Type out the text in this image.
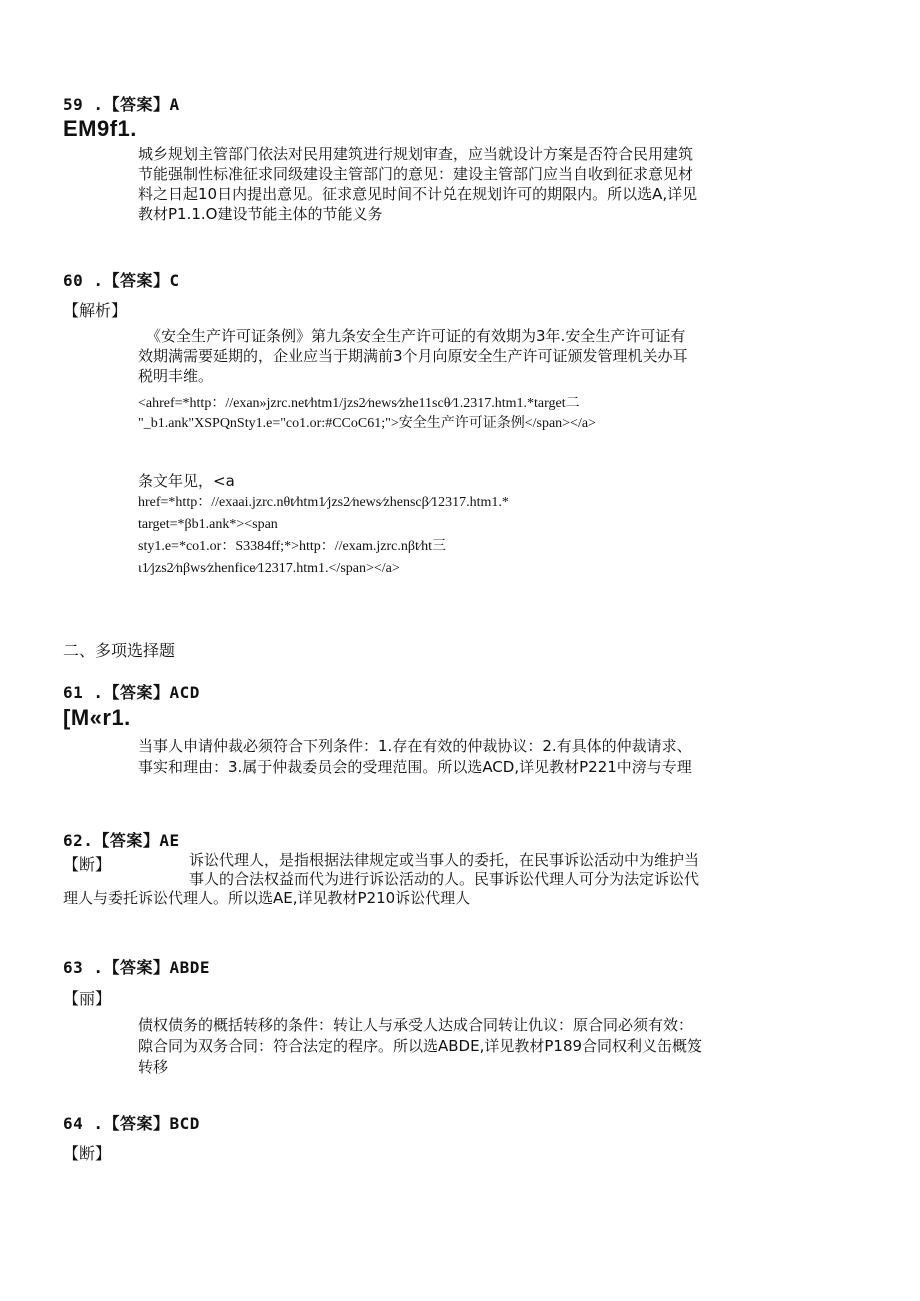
59 .【答案】A
EM9f1.
城乡规划主管部门依法对民用建筑进行规划审查，应当就设计方案是否符合民用建筑
节能强制性标准征求同级建设主管部门的意见：建设主管部门应当自收到征求意见材
料之日起10日内提出意见。征求意见时间不计兑在规划许可的期限内。所以选A,详见
教材P1.1.O建设节能主体的节能义务
60 .【答案】C
【解析】
《安全生产许可证条例》第九条安全生产许可证的有效期为3年.安全生产许可证有
效期满需要延期的，企业应当于期满前3个月向原安全生产许可证颁发管理机关办耳
税明丰维。
<ahref=*http：//exan»jzrc.net⁄htm1/jzs2⁄news⁄zhe11scθ⁄1.2317.htm1.*target二
"_b1.ank"XSPQnSty1.e="co1.or:#CCoC61;">安全生产许可证条例</span></a>
条文年见，<a
href=*http：//exaai.jzrc.nθt⁄htm1⁄jzs2⁄news⁄zhenscβ⁄12317.htm1.*
target=*βb1.ank*><span
sty1.e=*co1.or：S3384ff;*>http：//exam.jzrc.nβt⁄ht三
ι1⁄jzs2⁄nβws⁄zhenfice⁄12317.htm1.</span></a>
二、多项选择题
61 .【答案】ACD
[M«r1.
当事人申请仲裁必须符合下列条件：1.存在有效的仲裁协议：2.有具体的仲裁请求、
事实和理由：3.属于仲裁委员会的受理范围。所以选ACD,详见教材P221中滂与专理
62.【答案】AE
【断】	诉讼代理人，是指根据法律规定或当事人的委托，在民事诉讼活动中为维护当
事人的合法权益而代为进行诉讼活动的人。民事诉讼代理人可分为法定诉讼代
理人与委托诉讼代理人。所以选AE,详见教材P210诉讼代理人
63 .【答案】ABDE
【丽】
债权债务的概括转移的条件：转让人与承受人达成合同转让仇议：原合同必须有效：
隙合同为双务合同：符合法定的程序。所以选ABDE,详见教材P189合同权利义缶概笈
转移
64 .【答案】BCD
【断】
